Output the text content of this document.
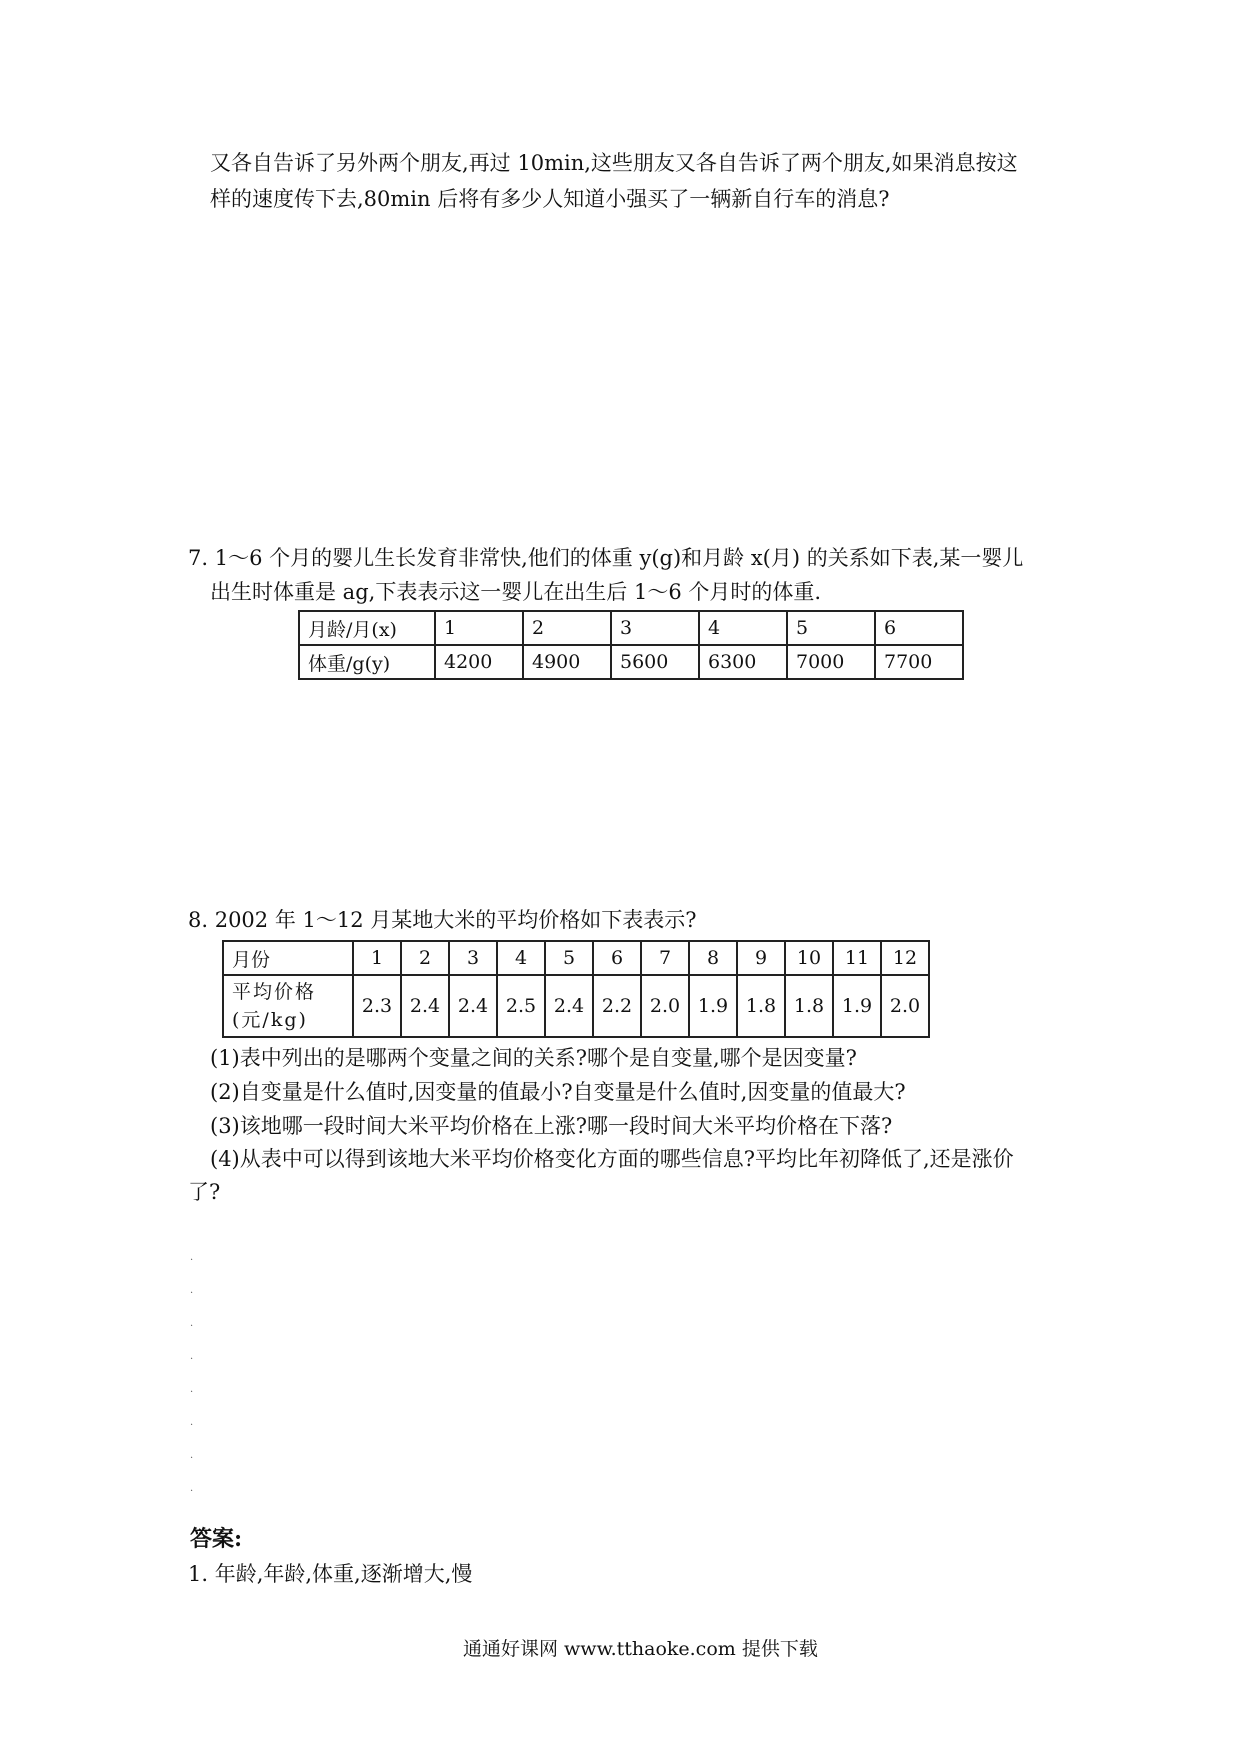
又各自告诉了另外两个朋友,再过 10min,这些朋友又各自告诉了两个朋友,如果消息按这
样的速度传下去,80min 后将有多少人知道小强买了一辆新自行车的消息?
7. 1～6 个月的婴儿生长发育非常快,他们的体重 y(g)和月龄 x(月) 的关系如下表,某一婴儿
出生时体重是 ag,下表表示这一婴儿在出生后 1～6 个月时的体重.
月龄/月(x)	1	2	3	4	5	6
体重/g(y)	4200	4900	5600	6300	7000	7700
8. 2002 年 1～12 月某地大米的平均价格如下表表示?
月份	1	2	3	4	5	6	7	8	9	10	11	12
平均价格
(元/kg)	2.3	2.4	2.4	2.5	2.4	2.2	2.0	1.9	1.8	1.8	1.9	2.0
(1)表中列出的是哪两个变量之间的关系?哪个是自变量,哪个是因变量?
(2)自变量是什么值时,因变量的值最小?自变量是什么值时,因变量的值最大?
(3)该地哪一段时间大米平均价格在上涨?哪一段时间大米平均价格在下落?
(4)从表中可以得到该地大米平均价格变化方面的哪些信息?平均比年初降低了,还是涨价
了?
·
·
·
·
·
·
·
·
答案:
1. 年龄,年龄,体重,逐渐增大,慢
通通好课网 www.tthaoke.com 提供下载
